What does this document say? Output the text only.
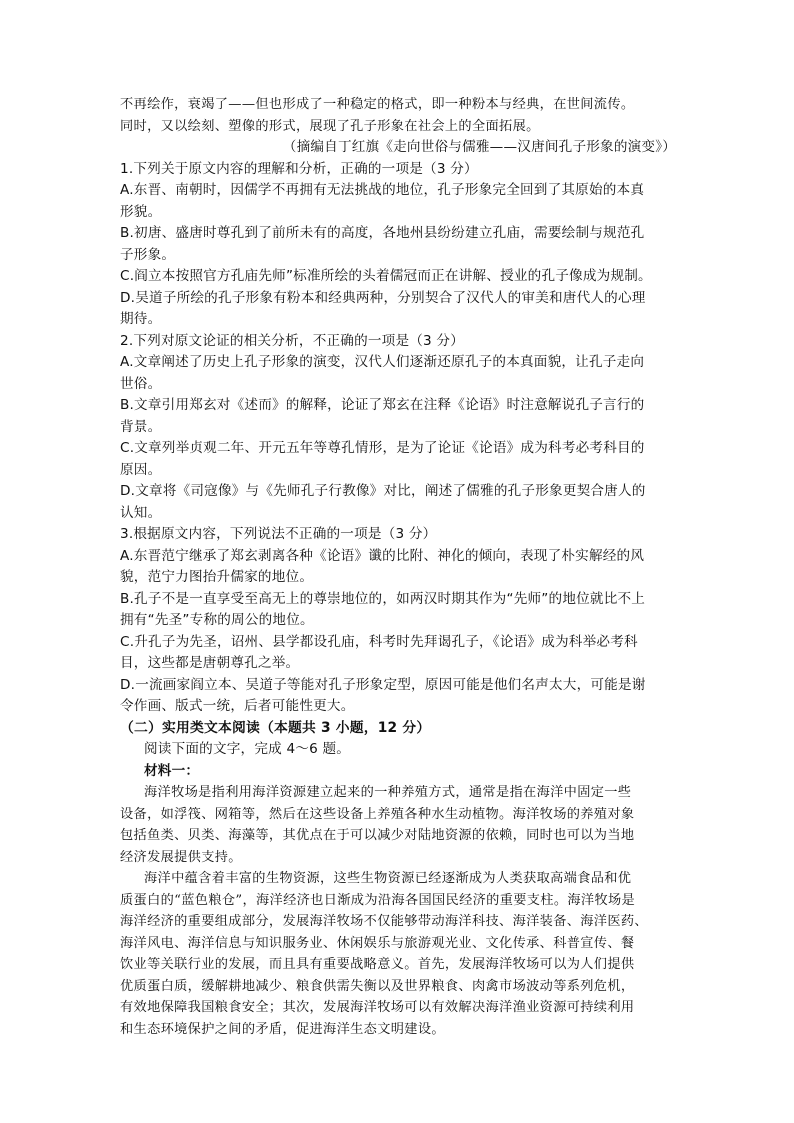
不再绘作，衰竭了——但也形成了一种稳定的格式，即一种粉本与经典，在世间流传。
同时，又以绘刻、塑像的形式，展现了孔子形象在社会上的全面拓展。
（摘编自丁红旗《走向世俗与儒雅——汉唐间孔子形象的演变》）
1.下列关于原文内容的理解和分析，正确的一项是（3 分）
A.东晋、南朝时，因儒学不再拥有无法挑战的地位，孔子形象完全回到了其原始的本真
形貌。
B.初唐、盛唐时尊孔到了前所未有的高度，各地州县纷纷建立孔庙，需要绘制与规范孔
子形象。
C.阎立本按照官方孔庙先师”标准所绘的头着儒冠而正在讲解、授业的孔子像成为规制。
D.吴道子所绘的孔子形象有粉本和经典两种，分别契合了汉代人的审美和唐代人的心理
期待。
2.下列对原文论证的相关分析，不正确的一项是（3 分）
A.文章阐述了历史上孔子形象的演变，汉代人们逐渐还原孔子的本真面貌，让孔子走向
世俗。
B.文章引用郑玄对《述而》的解释，论证了郑玄在注释《论语》时注意解说孔子言行的
背景。
C.文章列举贞观二年、开元五年等尊孔情形，是为了论证《论语》成为科考必考科目的
原因。
D.文章将《司寇像》与《先师孔子行教像》对比，阐述了儒雅的孔子形象更契合唐人的
认知。
3.根据原文内容，下列说法不正确的一项是（3 分）
A.东晋范宁继承了郑玄剥离各种《论语》谶的比附、神化的倾向，表现了朴实解经的风
貌，范宁力图抬升儒家的地位。
B.孔子不是一直享受至高无上的尊崇地位的，如两汉时期其作为“先师”的地位就比不上
拥有“先圣”专称的周公的地位。
C.升孔子为先圣，诏州、县学都设孔庙，科考时先拜谒孔子，《论语》成为科举必考科
目，这些都是唐朝尊孔之举。
D.一流画家阎立本、吴道子等能对孔子形象定型，原因可能是他们名声太大，可能是谢
令作画、版式一统，后者可能性更大。
（二）实用类文本阅读（本题共 3 小题，12 分）
阅读下面的文字，完成 4～6 题。
材料一：
海洋牧场是指利用海洋资源建立起来的一种养殖方式，通常是指在海洋中固定一些
设备，如浮筏、网箱等，然后在这些设备上养殖各种水生动植物。海洋牧场的养殖对象
包括鱼类、贝类、海藻等，其优点在于可以减少对陆地资源的依赖，同时也可以为当地
经济发展提供支持。
海洋中蕴含着丰富的生物资源，这些生物资源已经逐渐成为人类获取高端食品和优
质蛋白的“蓝色粮仓”，海洋经济也日渐成为沿海各国国民经济的重要支柱。海洋牧场是
海洋经济的重要组成部分，发展海洋牧场不仅能够带动海洋科技、海洋装备、海洋医药、
海洋风电、海洋信息与知识服务业、休闲娱乐与旅游观光业、文化传承、科普宣传、餐
饮业等关联行业的发展，而且具有重要战略意义。首先，发展海洋牧场可以为人们提供
优质蛋白质，缓解耕地减少、粮食供需失衡以及世界粮食、肉禽市场波动等系列危机，
有效地保障我国粮食安全；其次，发展海洋牧场可以有效解决海洋渔业资源可持续利用
和生态环境保护之间的矛盾，促进海洋生态文明建设。
